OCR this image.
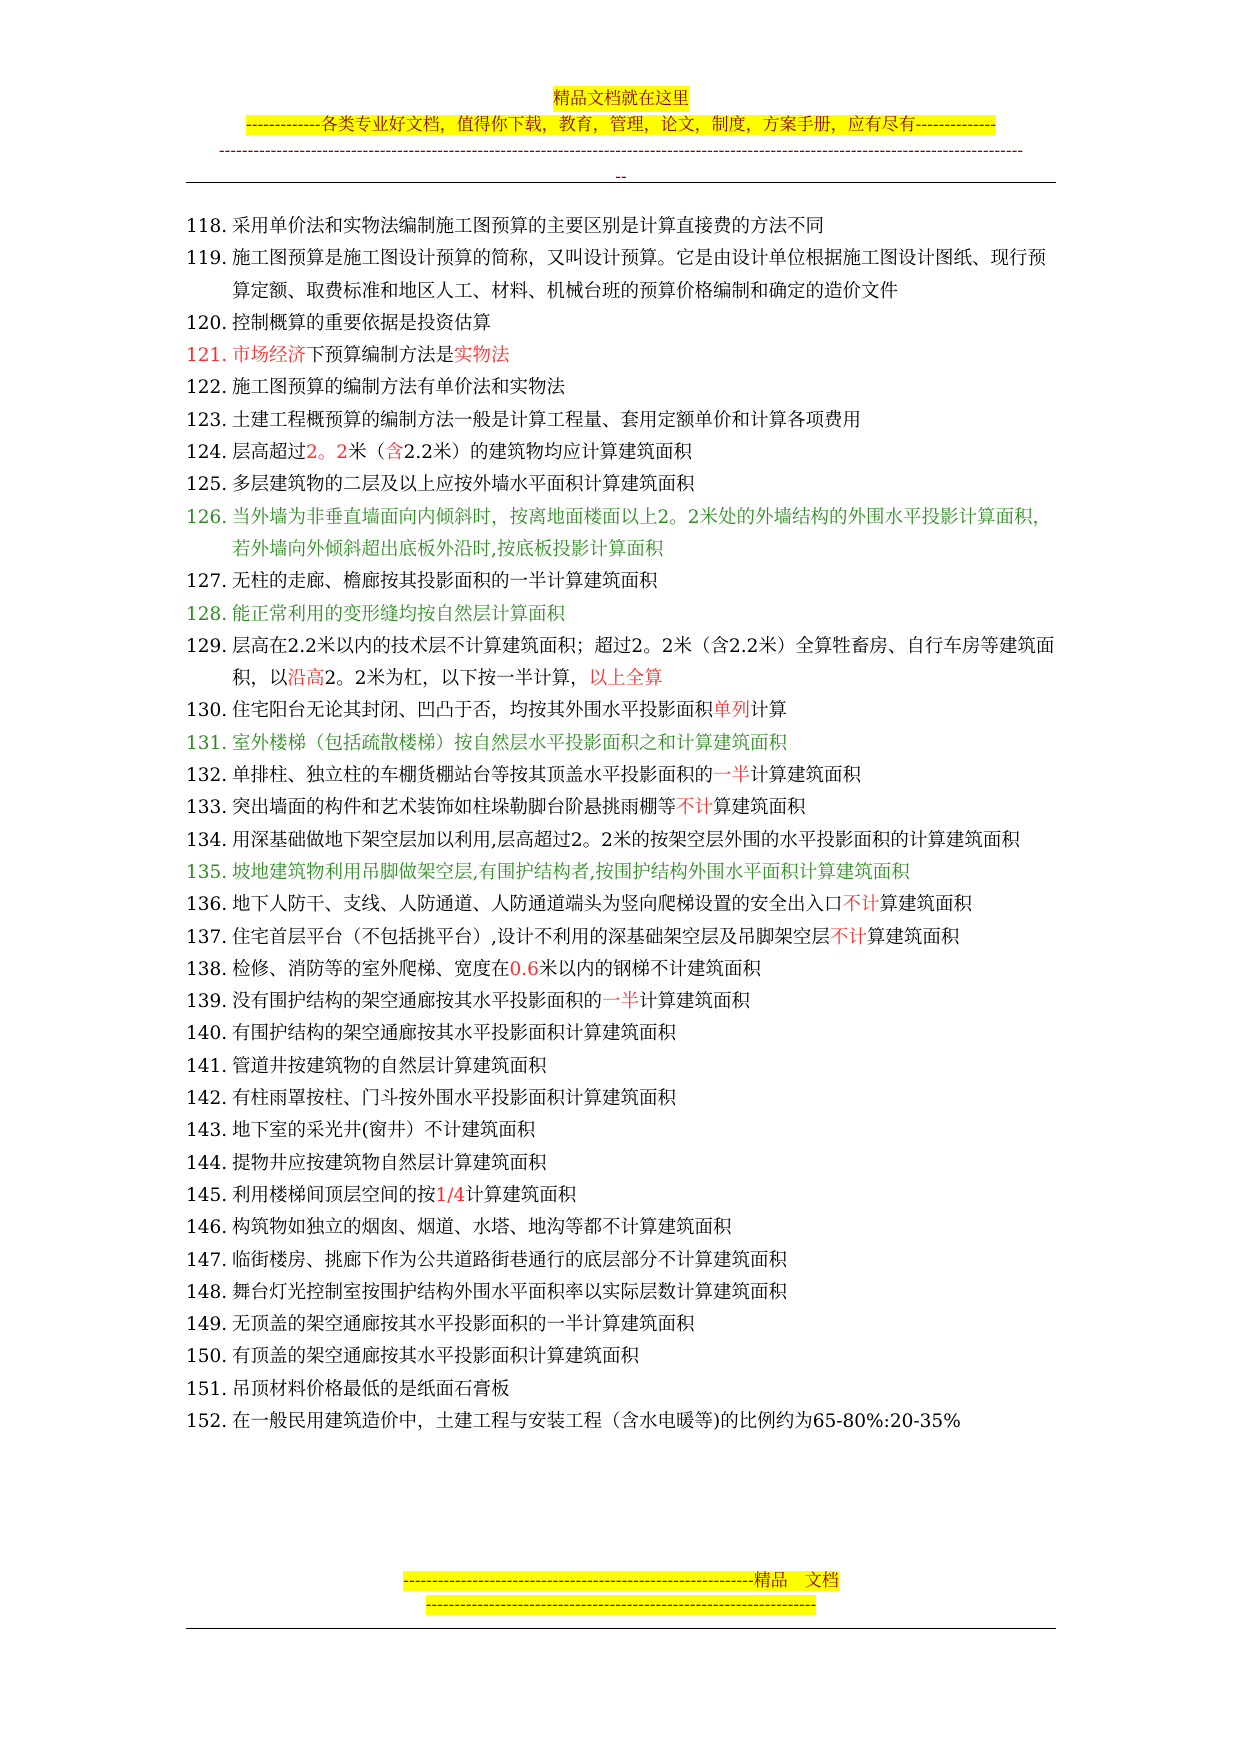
精品文档就在这里
-------------各类专业好文档，值得你下载，教育，管理，论文，制度，方案手册，应有尽有--------------
--------------------------------------------------------------------------------------------------------------------------------------------
--
118. 采用单价法和实物法编制施工图预算的主要区别是计算直接费的方法不同
119. 施工图预算是施工图设计预算的简称，又叫设计预算。它是由设计单位根据施工图设计图纸、现行预算定额、取费标准和地区人工、材料、机械台班的预算价格编制和确定的造价文件
120. 控制概算的重要依据是投资估算
121. 市场经济下预算编制方法是实物法
122. 施工图预算的编制方法有单价法和实物法
123. 土建工程概预算的编制方法一般是计算工程量、套用定额单价和计算各项费用
124. 层高超过2。2米（含2.2米）的建筑物均应计算建筑面积
125. 多层建筑物的二层及以上应按外墙水平面积计算建筑面积
126. 当外墙为非垂直墙面向内倾斜时，按离地面楼面以上2。2米处的外墙结构的外围水平投影计算面积，若外墙向外倾斜超出底板外沿时,按底板投影计算面积
127. 无柱的走廊、檐廊按其投影面积的一半计算建筑面积
128. 能正常利用的变形缝均按自然层计算面积
129. 层高在2.2米以内的技术层不计算建筑面积；超过2。2米（含2.2米）全算牲畜房、自行车房等建筑面积，以沿高2。2米为杠，以下按一半计算，以上全算
130. 住宅阳台无论其封闭、凹凸于否，均按其外围水平投影面积单列计算
131. 室外楼梯（包括疏散楼梯）按自然层水平投影面积之和计算建筑面积
132. 单排柱、独立柱的车棚货棚站台等按其顶盖水平投影面积的一半计算建筑面积
133. 突出墙面的构件和艺术装饰如柱垛勒脚台阶悬挑雨棚等不计算建筑面积
134. 用深基础做地下架空层加以利用,层高超过2。2米的按架空层外围的水平投影面积的计算建筑面积
135. 坡地建筑物利用吊脚做架空层,有围护结构者,按围护结构外围水平面积计算建筑面积
136. 地下人防干、支线、人防通道、人防通道端头为竖向爬梯设置的安全出入口不计算建筑面积
137. 住宅首层平台（不包括挑平台）,设计不利用的深基础架空层及吊脚架空层不计算建筑面积
138. 检修、消防等的室外爬梯、宽度在0.6米以内的钢梯不计建筑面积
139. 没有围护结构的架空通廊按其水平投影面积的一半计算建筑面积
140. 有围护结构的架空通廊按其水平投影面积计算建筑面积
141. 管道井按建筑物的自然层计算建筑面积
142. 有柱雨罩按柱、门斗按外围水平投影面积计算建筑面积
143. 地下室的采光井(窗井）不计建筑面积
144. 提物井应按建筑物自然层计算建筑面积
145. 利用楼梯间顶层空间的按1/4计算建筑面积
146. 构筑物如独立的烟囱、烟道、水塔、地沟等都不计算建筑面积
147. 临街楼房、挑廊下作为公共道路街巷通行的底层部分不计算建筑面积
148. 舞台灯光控制室按围护结构外围水平面积率以实际层数计算建筑面积
149. 无顶盖的架空通廊按其水平投影面积的一半计算建筑面积
150. 有顶盖的架空通廊按其水平投影面积计算建筑面积
151. 吊顶材料价格最低的是纸面石膏板
152. 在一般民用建筑造价中，土建工程与安装工程（含水电暖等)的比例约为65-80%:20-35%
-------------------------------------------------------------精品　文档
--------------------------------------------------------------------
